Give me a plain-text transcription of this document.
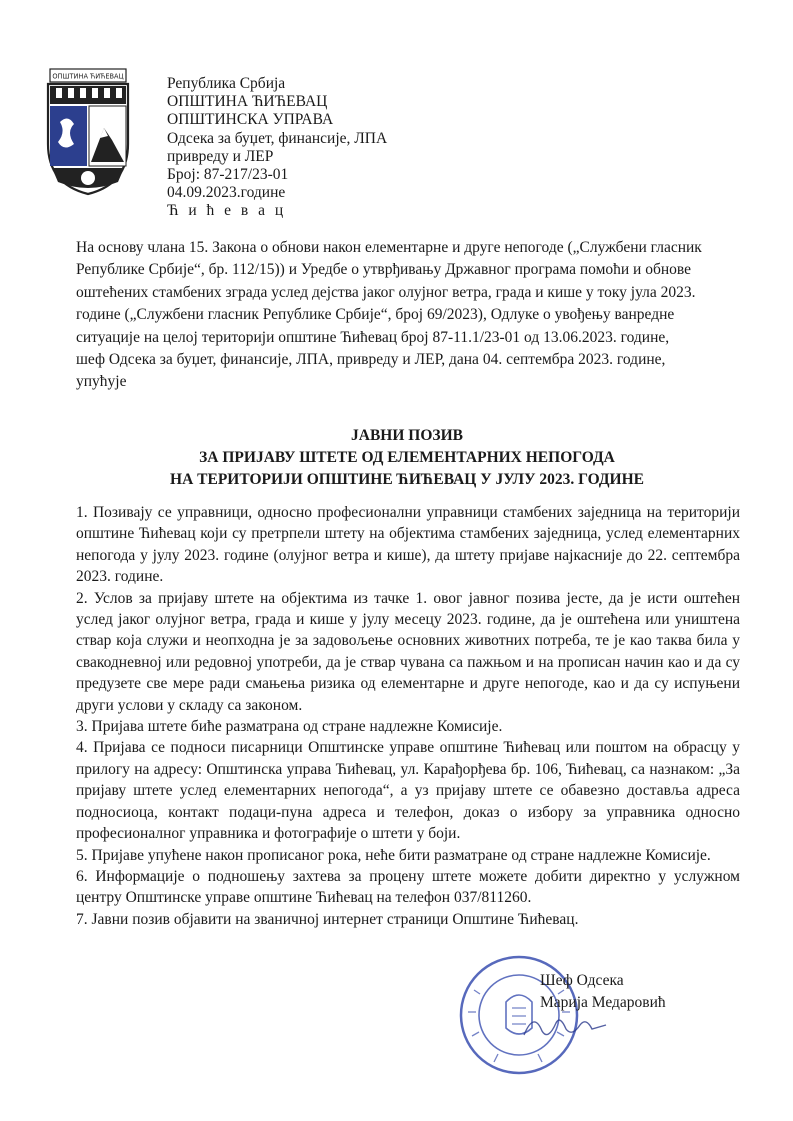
ОПШТИНА ЋИЋЕВАЦ	Република Србија
ОПШТИНА ЋИЋЕВАЦ
ОПШТИНСКА УПРАВА
Одсека за буџет, финансије, ЛПА
привреду и ЛЕР
Број: 87-217/23-01
04.09.2023.године
Ћ и ћ е в а ц

На основу члана 15. Закона о обнови након елементарне и друге непогоде („Службени гласник Републике Србије“, бр. 112/15)) и Уредбе о утврђивању Државног програма помоћи и обнове оштећених стамбених зграда услед дејства јаког олујног ветра, града и кише у току јула 2023. године („Службени гласник Републике Србије“, број 69/2023), Одлуке о увођењу ванредне ситуације на целој територији општине Ћићевац број 87-11.1/23-01 од 13.06.2023. године,

шеф Одсека за буџет, финансије, ЛПА, привреду и ЛЕР, дана 04. септембра 2023. године,

упућује

ЈАВНИ ПОЗИВ
ЗА ПРИЈАВУ ШТЕТЕ ОД ЕЛЕМЕНТАРНИХ НЕПОГОДА
НА ТЕРИТОРИЈИ ОПШТИНЕ ЋИЋЕВАЦ У ЈУЛУ 2023. ГОДИНЕ

1. Позивају се управници, односно професионални управници стамбених заједница на територији општине Ћићевац који су претрпели штету на објектима стамбених заједница, услед елементарних непогода у јулу 2023. године (олујног ветра и кише), да штету пријаве најкасније до 22. септембра 2023. године.

2. Услов за пријаву штете на објектима из тачке 1. овог јавног позива јесте, да је исти оштећен услед јаког олујног ветра, града и кише у јулу месецу 2023. године, да је оштећена или уништена ствар која служи и неопходна је за задовољење основних животних потреба, те је као таква била у свакодневној или редовној употреби, да је ствар чувана са пажњом и на прописан начин као и да су предузете све мере ради смањења ризика од елементарне и друге непогоде, као и да су испуњени други услови у складу са законом.

3. Пријава штете биће разматрана од стране надлежне Комисије.

4. Пријава се подноси писарници Општинске управе општине Ћићевац или поштом на обрасцу у прилогу на адресу: Општинска управа Ћићевац, ул. Карађорђева бр. 106, Ћићевац, са назнаком: „За пријаву штете услед елементарних непогода“, а уз пријаву штете се обавезно доставља адреса подносиоца, контакт подаци-пуна адреса и телефон, доказ о избору за управника односно професионалног управника и фотографије о штети у боји.

5. Пријаве упућене након прописаног рока, неће бити разматране од стране надлежне Комисије.

6. Информације о подношењу захтева за процену штете можете добити директно у услужном центру Општинске управе општине Ћићевац на телефон 037/811260.

7. Јавни позив објавити на званичној интернет страници Општине Ћићевац.

Шеф Одсека
Марија Медаровић
